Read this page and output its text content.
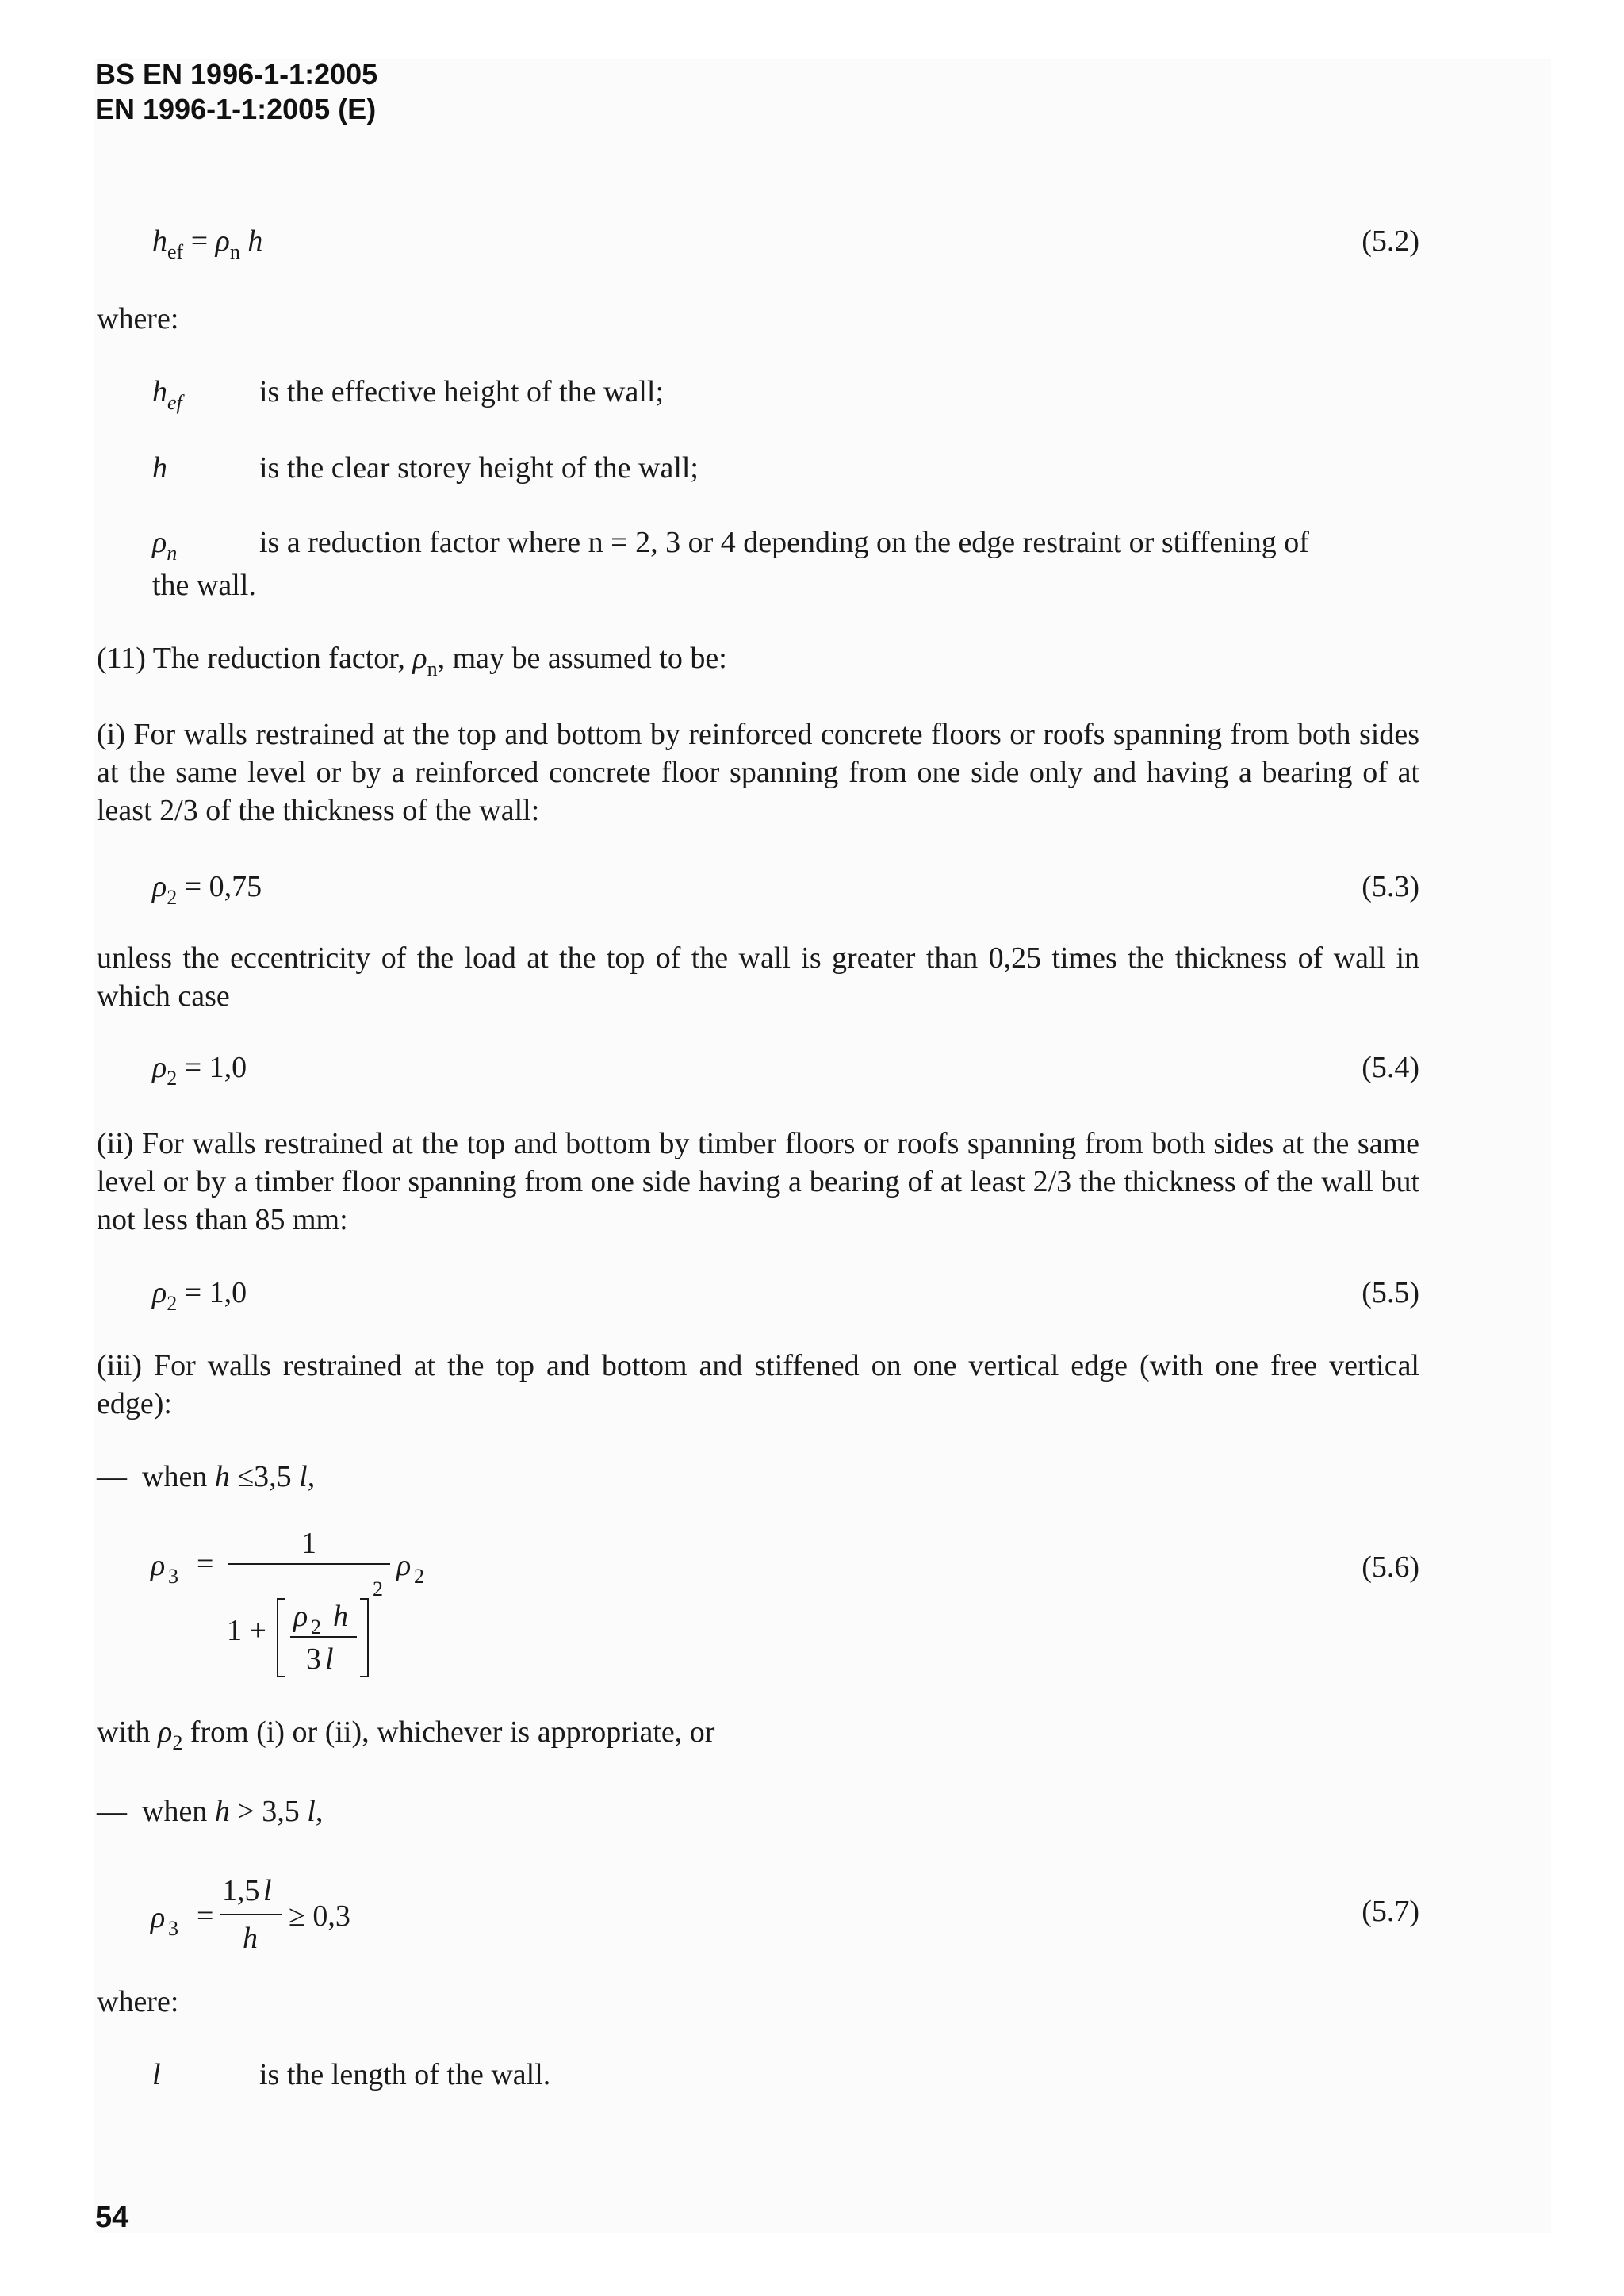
BS EN 1996-1-1:2005
EN 1996-1-1:2005 (E)
$h_{ef} = \rho_n$ h	(5.2)
where:
$h_{ef}$	is the effective height of the wall;
h	is the clear storey height of the wall;
$\rho_n$	is a reduction factor where n = 2, 3 or 4 depending on the edge restraint or stiffening of
the wall.
(11) The reduction factor, $\rho_n$, may be assumed to be:
(i) For walls restrained at the top and bottom by reinforced concrete floors or roofs spanning from both sides at the same level or by a reinforced concrete floor spanning from one side only and having a bearing of at least 2/3 of the thickness of the wall:
$\rho_2 = 0,75$	(5.3)
unless the eccentricity of the load at the top of the wall is greater than 0,25 times the thickness of wall in which case
$\rho_2 = 1,0$	(5.4)
(ii) For walls restrained at the top and bottom by timber floors or roofs spanning from both sides at the same level or by a timber floor spanning from one side having a bearing of at least 2/3 the thickness of the wall but not less than 85 mm:
$\rho_2 = 1,0$	(5.5)
(iii) For walls restrained at the top and bottom and stiffened on one vertical edge (with one free vertical edge):
— when h ≤3,5 l,
ρ 3 =
1
1 + ρ 2 h
3 l
2
ρ 2	(5.6)
with $\rho_2$ from (i) or (ii), whichever is appropriate, or
— when h > 3,5 l,
ρ 3 =
1,5 l
h
≥ 0,3	(5.7)
where:
l	is the length of the wall.
54
